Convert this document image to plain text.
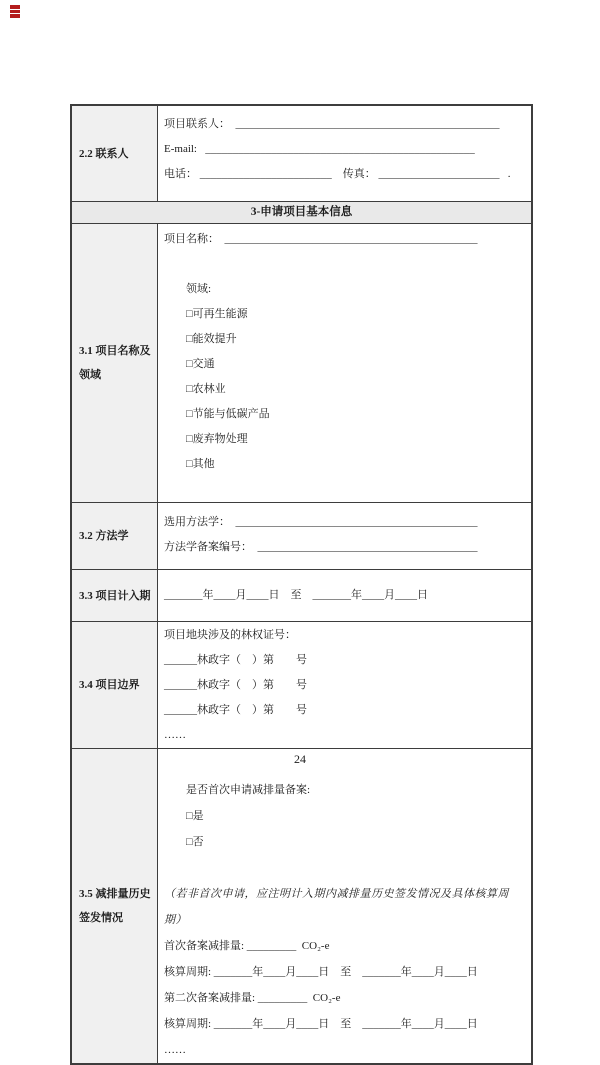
2.2 联系人
项目联系人：  ________________________________________________
E-mail:   _________________________________________________
电话： ________________________　传真： ______________________   .
3-申请项目基本信息
3.1 项目名称及领域
项目名称：  ______________________________________________

领域:
□可再生能源
□能效提升
□交通
□农林业
□节能与低碳产品
□废弃物处理
□其他

3.2 方法学
选用方法学：  ____________________________________________
方法学备案编号：  ________________________________________
3.3 项目计入期	_______年____月____日　至　_______年____月____日
3.4 项目边界
项目地块涉及的林权证号：
______林政字（　）第　　号
______林政字（　）第　　号
______林政字（　）第　　号
……
3.5 减排量历史签发情况

是否首次申请减排量备案:
□是
□否

（若非首次申请，应注明计入期内减排量历史签发情况及具体核算周期）
首次备案减排量: _________  CO₂-e
核算周期: _______年____月____日　至　_______年____月____日
第二次备案减排量: _________  CO₂-e
核算周期: _______年____月____日　至　_______年____月____日
……
24
